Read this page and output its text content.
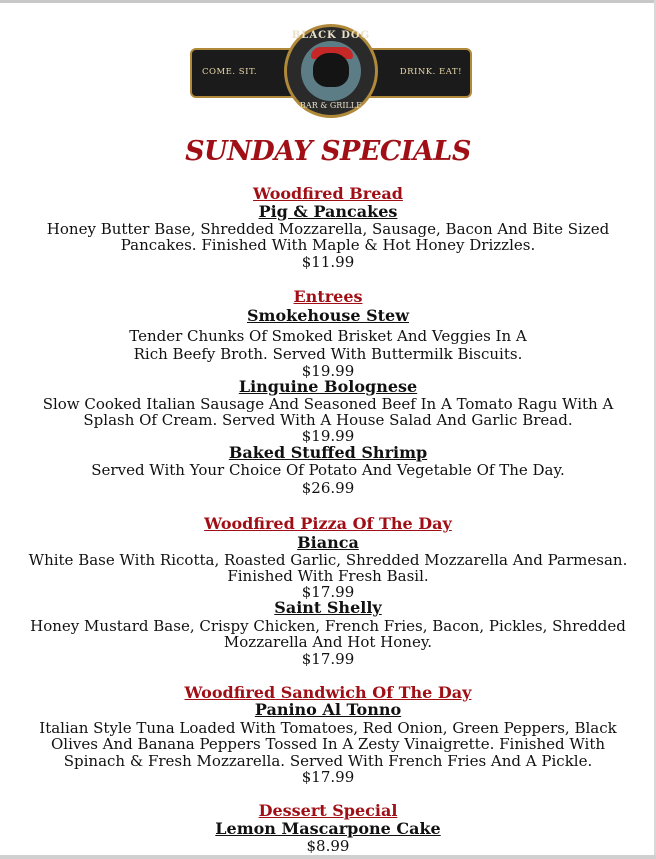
COME. SIT.	DRINK. EAT!
BLACK DOG
BAR & GRILLE
SUNDAY SPECIALS
Woodfired Bread
Pig & Pancakes
Honey Butter Base, Shredded Mozzarella, Sausage, Bacon And Bite Sized
Pancakes. Finished With Maple & Hot Honey Drizzles.
$11.99
Entrees
Smokehouse Stew
Tender Chunks Of Smoked Brisket And Veggies In A
Rich Beefy Broth. Served With Buttermilk Biscuits.
$19.99
Linguine Bolognese
Slow Cooked Italian Sausage And Seasoned Beef In A Tomato Ragu With A
Splash Of Cream. Served With A House Salad And Garlic Bread.
$19.99
Baked Stuffed Shrimp
Served With Your Choice Of Potato And Vegetable Of The Day.
$26.99
Woodfired Pizza Of The Day
Bianca
White Base With Ricotta, Roasted Garlic, Shredded Mozzarella And Parmesan.
Finished With Fresh Basil.
$17.99
Saint Shelly
Honey Mustard Base, Crispy Chicken, French Fries, Bacon, Pickles, Shredded
Mozzarella And Hot Honey.
$17.99
Woodfired Sandwich Of The Day
Panino Al Tonno
Italian Style Tuna Loaded With Tomatoes, Red Onion, Green Peppers, Black
Olives And Banana Peppers Tossed In A Zesty Vinaigrette. Finished With
Spinach & Fresh Mozzarella. Served With French Fries And A Pickle.
$17.99
Dessert Special
Lemon Mascarpone Cake
$8.99
